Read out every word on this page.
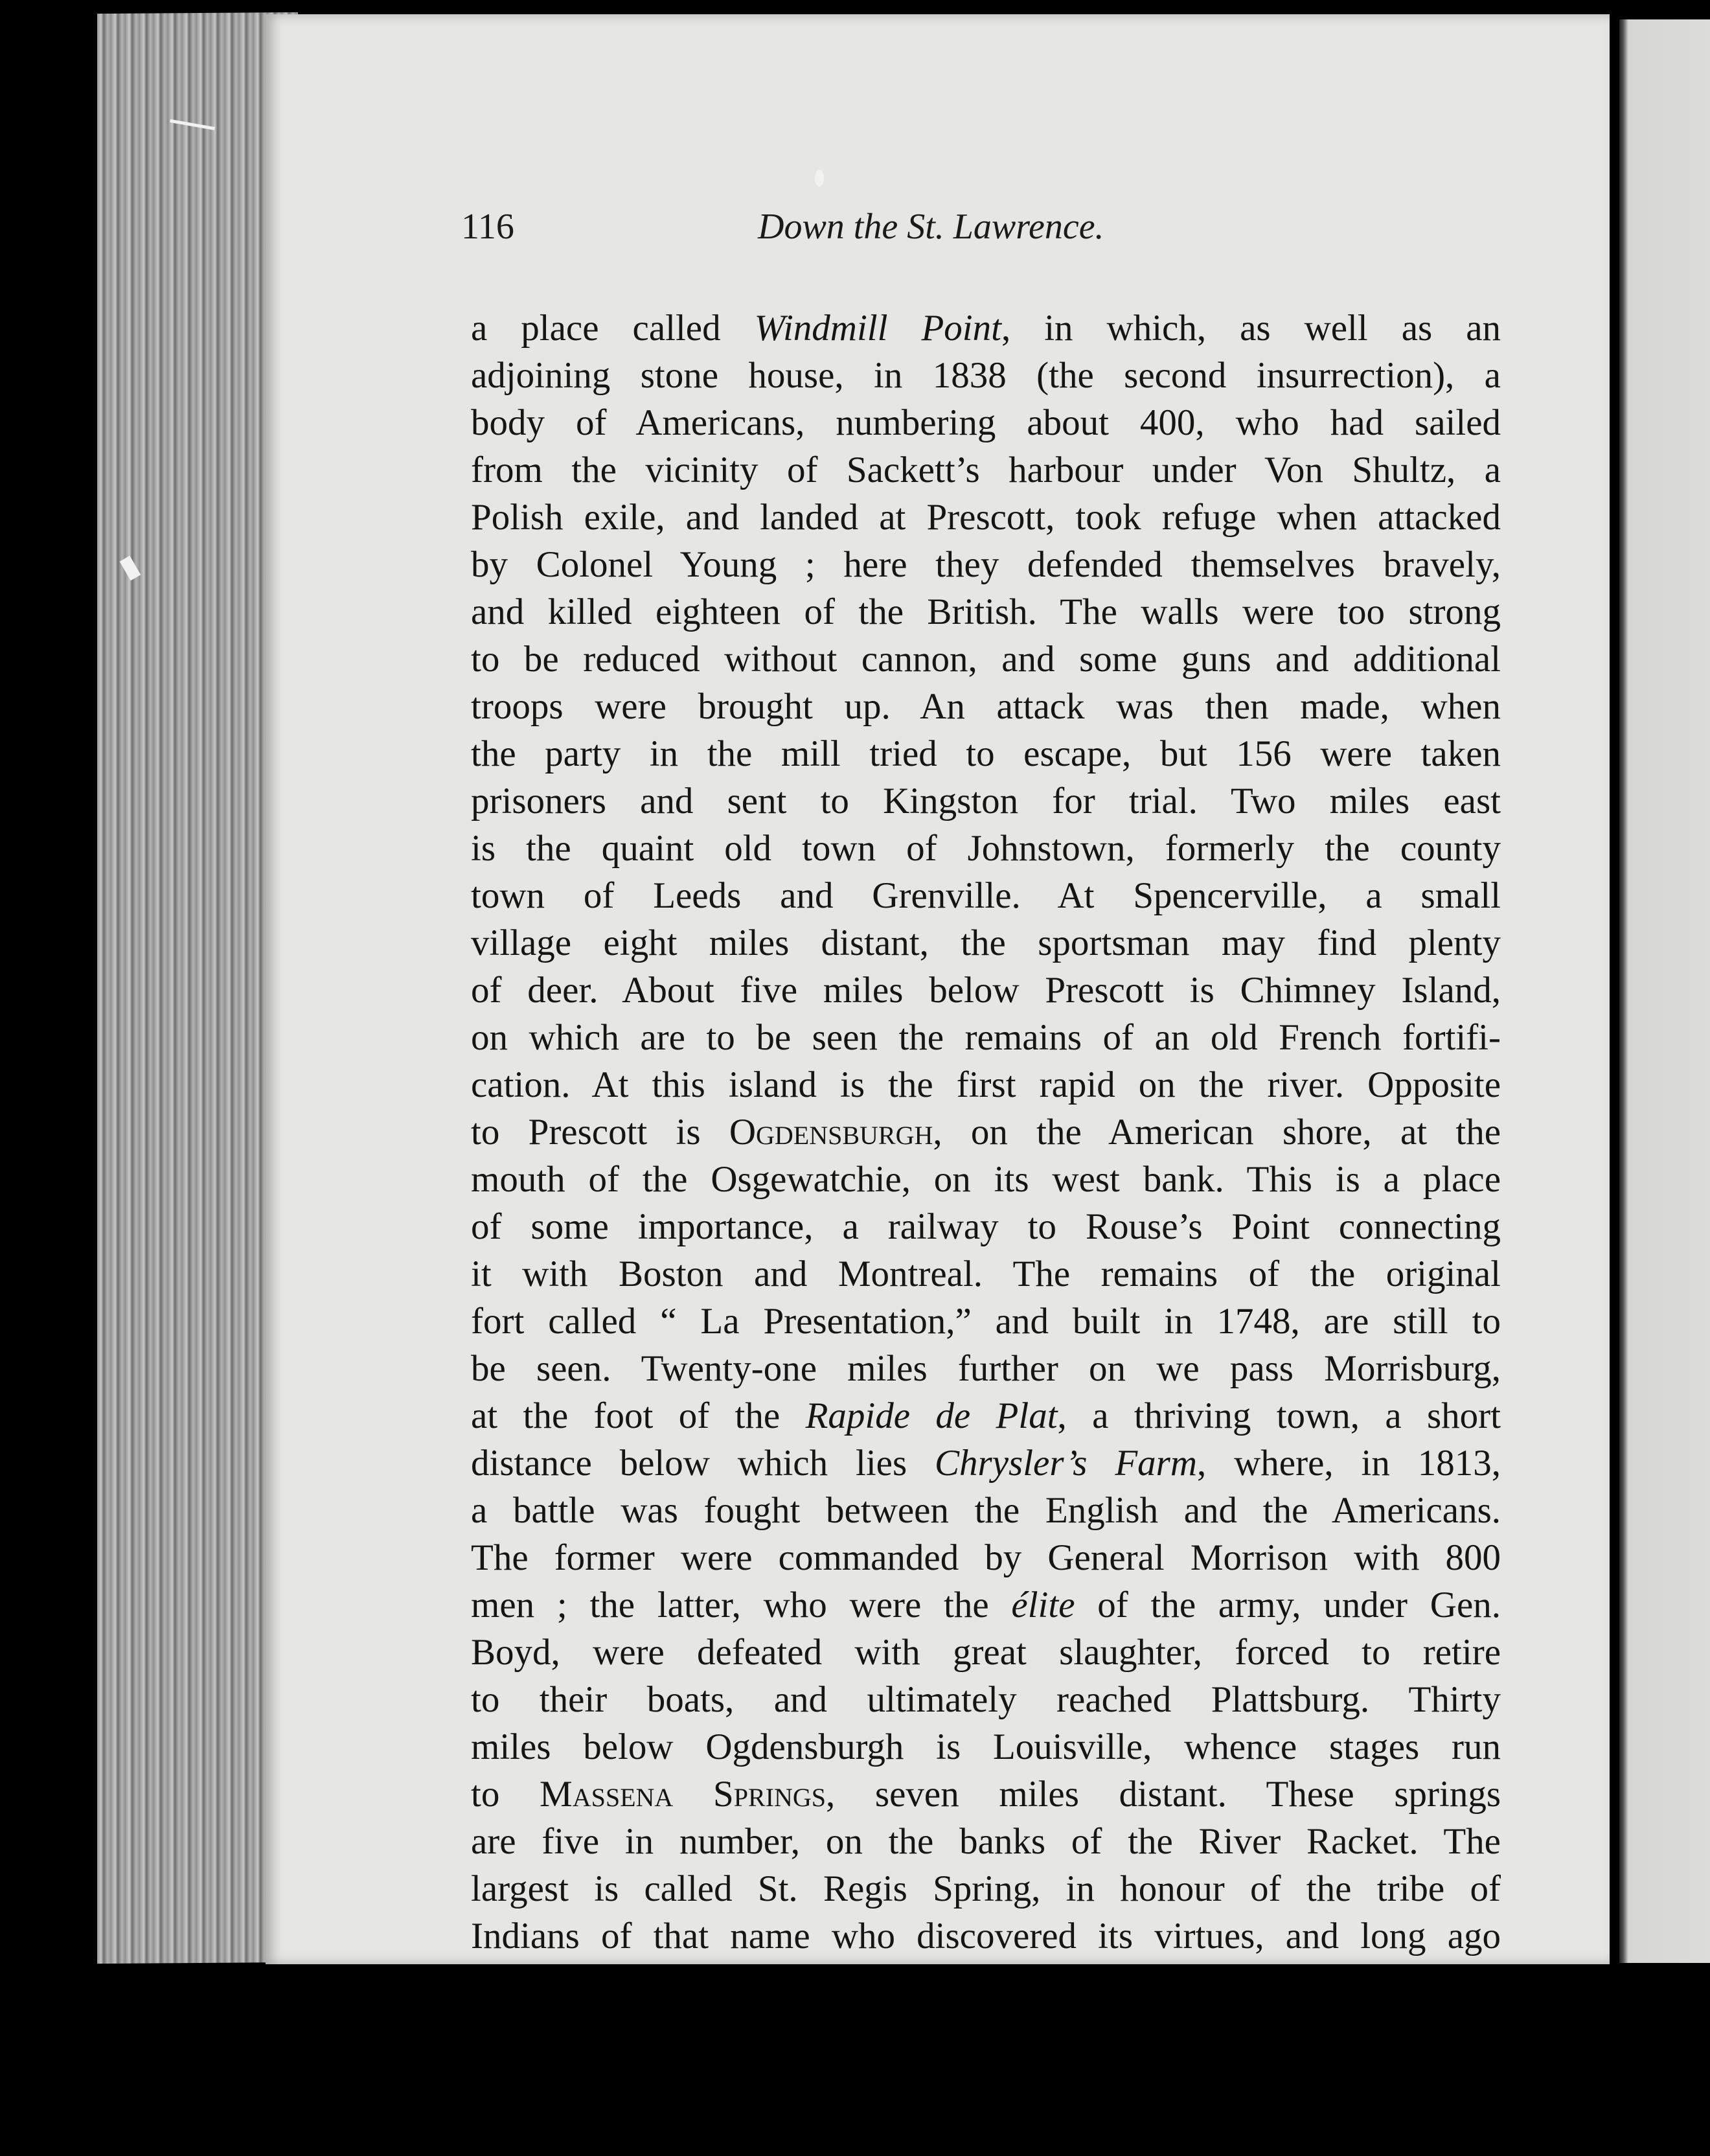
116	Down the St. Lawrence.
a place called Windmill Point, in which, as well as an
adjoining stone house, in 1838 (the second insurrection), a
body of Americans, numbering about 400, who had sailed
from the vicinity of Sackett’s harbour under Von Shultz, a
Polish exile, and landed at Prescott, took refuge when attacked
by Colonel Young ; here they defended themselves bravely,
and killed eighteen of the British. The walls were too strong
to be reduced without cannon, and some guns and additional
troops were brought up. An attack was then made, when
the party in the mill tried to escape, but 156 were taken
prisoners and sent to Kingston for trial. Two miles east
is the quaint old town of Johnstown, formerly the county
town of Leeds and Grenville. At Spencerville, a small
village eight miles distant, the sportsman may find plenty
of deer. About five miles below Prescott is Chimney Island,
on which are to be seen the remains of an old French fortifi-
cation. At this island is the first rapid on the river. Opposite
to Prescott is Ogdensburgh, on the American shore, at the
mouth of the Osgewatchie, on its west bank. This is a place
of some importance, a railway to Rouse’s Point connecting
it with Boston and Montreal. The remains of the original
fort called “ La Presentation,” and built in 1748, are still to
be seen. Twenty-one miles further on we pass Morrisburg,
at the foot of the Rapide de Plat, a thriving town, a short
distance below which lies Chrysler’s Farm, where, in 1813,
a battle was fought between the English and the Americans.
The former were commanded by General Morrison with 800
men ; the latter, who were the élite of the army, under Gen.
Boyd, were defeated with great slaughter, forced to retire
to their boats, and ultimately reached Plattsburg. Thirty
miles below Ogdensburgh is Louisville, whence stages run
to Massena Springs, seven miles distant. These springs
are five in number, on the banks of the River Racket. The
largest is called St. Regis Spring, in honour of the tribe of
Indians of that name who discovered its virtues, and long ago
